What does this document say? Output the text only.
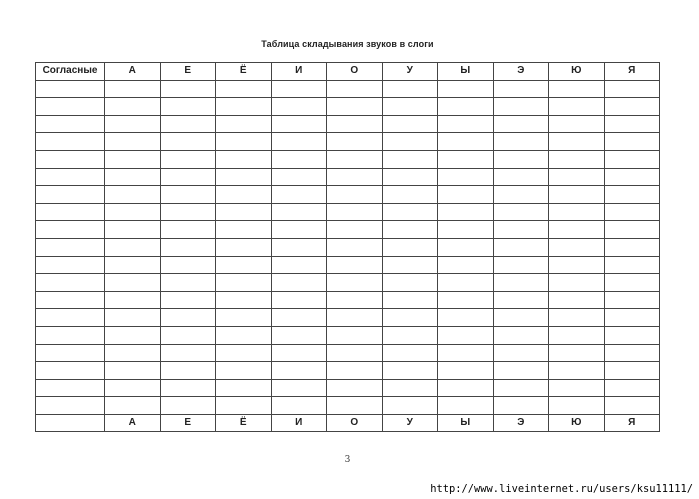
Таблица складывания звуков в слоги
Согласные	А	Е	Ё	И	О	У	Ы	Э	Ю	Я

	А	Е	Ё	И	О	У	Ы	Э	Ю	Я
3
http://www.liveinternet.ru/users/ksu11111/
